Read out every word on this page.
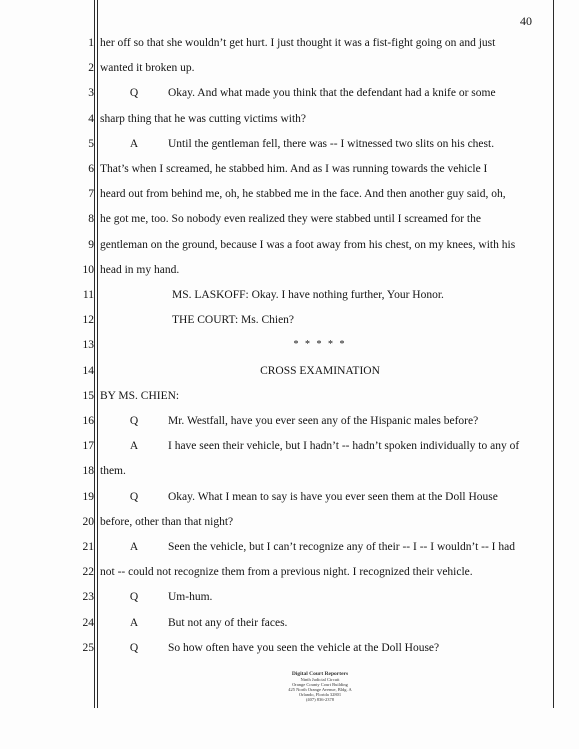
40
1 her off so that she wouldn’t get hurt. I just thought it was a fist-fight going on and just
2 wanted it broken up.
3	Q	Okay. And what made you think that the defendant had a knife or some
4 sharp thing that he was cutting victims with?
5	A	Until the gentleman fell, there was -- I witnessed two slits on his chest.
6 That’s when I screamed, he stabbed him. And as I was running towards the vehicle I
7 heard out from behind me, oh, he stabbed me in the face. And then another guy said, oh,
8 he got me, too. So nobody even realized they were stabbed until I screamed for the
9 gentleman on the ground, because I was a foot away from his chest, on my knees, with his
10 head in my hand.
11	MS. LASKOFF: Okay. I have nothing further, Your Honor.
12	THE COURT: Ms. Chien?
13	* * * * *
14	CROSS EXAMINATION
15 BY MS. CHIEN:
16	Q	Mr. Westfall, have you ever seen any of the Hispanic males before?
17	A	I have seen their vehicle, but I hadn’t -- hadn’t spoken individually to any of
18 them.
19	Q	Okay. What I mean to say is have you ever seen them at the Doll House
20 before, other than that night?
21	A	Seen the vehicle, but I can’t recognize any of their -- I -- I wouldn’t -- I had
22 not -- could not recognize them from a previous night. I recognized their vehicle.
23	Q	Um-hum.
24	A	But not any of their faces.
25	Q	So how often have you seen the vehicle at the Doll House?
Digital Court Reporters
Ninth Judicial Circuit
Orange County Court Building
425 North Orange Avenue, Bldg. A
Orlando, Florida 32801
(407) 836-2378
